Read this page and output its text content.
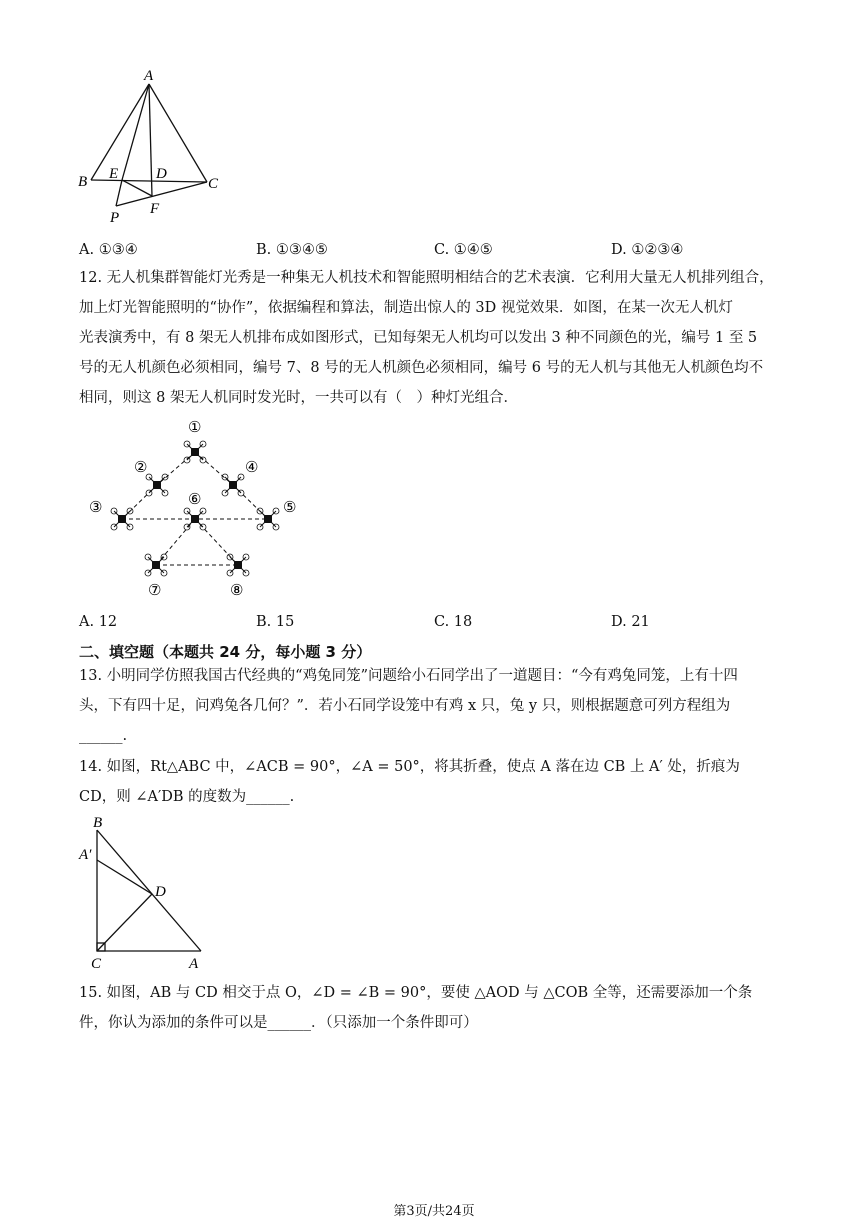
A
B E	D
C
P
F
A. ①③④	B. ①③④⑤	C. ①④⑤	D. ①②③④
12. 无人机集群智能灯光秀是一种集无人机技术和智能照明相结合的艺术表演．它利用大量无人机排列组合，
加上灯光智能照明的“协作”，依据编程和算法，制造出惊人的 3D 视觉效果．如图，在某一次无人机灯
光表演秀中，有 8 架无人机排布成如图形式，已知每架无人机均可以发出 3 种不同颜色的光，编号 1 至 5
号的无人机颜色必须相同，编号 7、8 号的无人机颜色必须相同，编号 6 号的无人机与其他无人机颜色均不
相同，则这 8 架无人机同时发光时，一共可以有（　）种灯光组合．
①
②
③
④
⑤
⑥
⑦	⑧
A. 12	B. 15	C. 18	D. 21
二、填空题（本题共 24 分，每小题 3 分）
13. 小明同学仿照我国古代经典的“鸡兔同笼”问题给小石同学出了一道题目：“今有鸡兔同笼，上有十四
头，下有四十足，问鸡兔各几何？”．若小石同学设笼中有鸡 x 只，兔 y 只，则根据题意可列方程组为
______.
14. 如图，Rt△ABC 中，∠ACB = 90°，∠A = 50°，将其折叠，使点 A 落在边 CB 上 A′ 处，折痕为
CD，则 ∠A′DB 的度数为______.
B
A′
D
C	A
15. 如图，AB 与 CD 相交于点 O，∠D = ∠B = 90°，要使 △AOD 与 △COB 全等，还需要添加一个条
件，你认为添加的条件可以是______．（只添加一个条件即可）
第3页/共24页
